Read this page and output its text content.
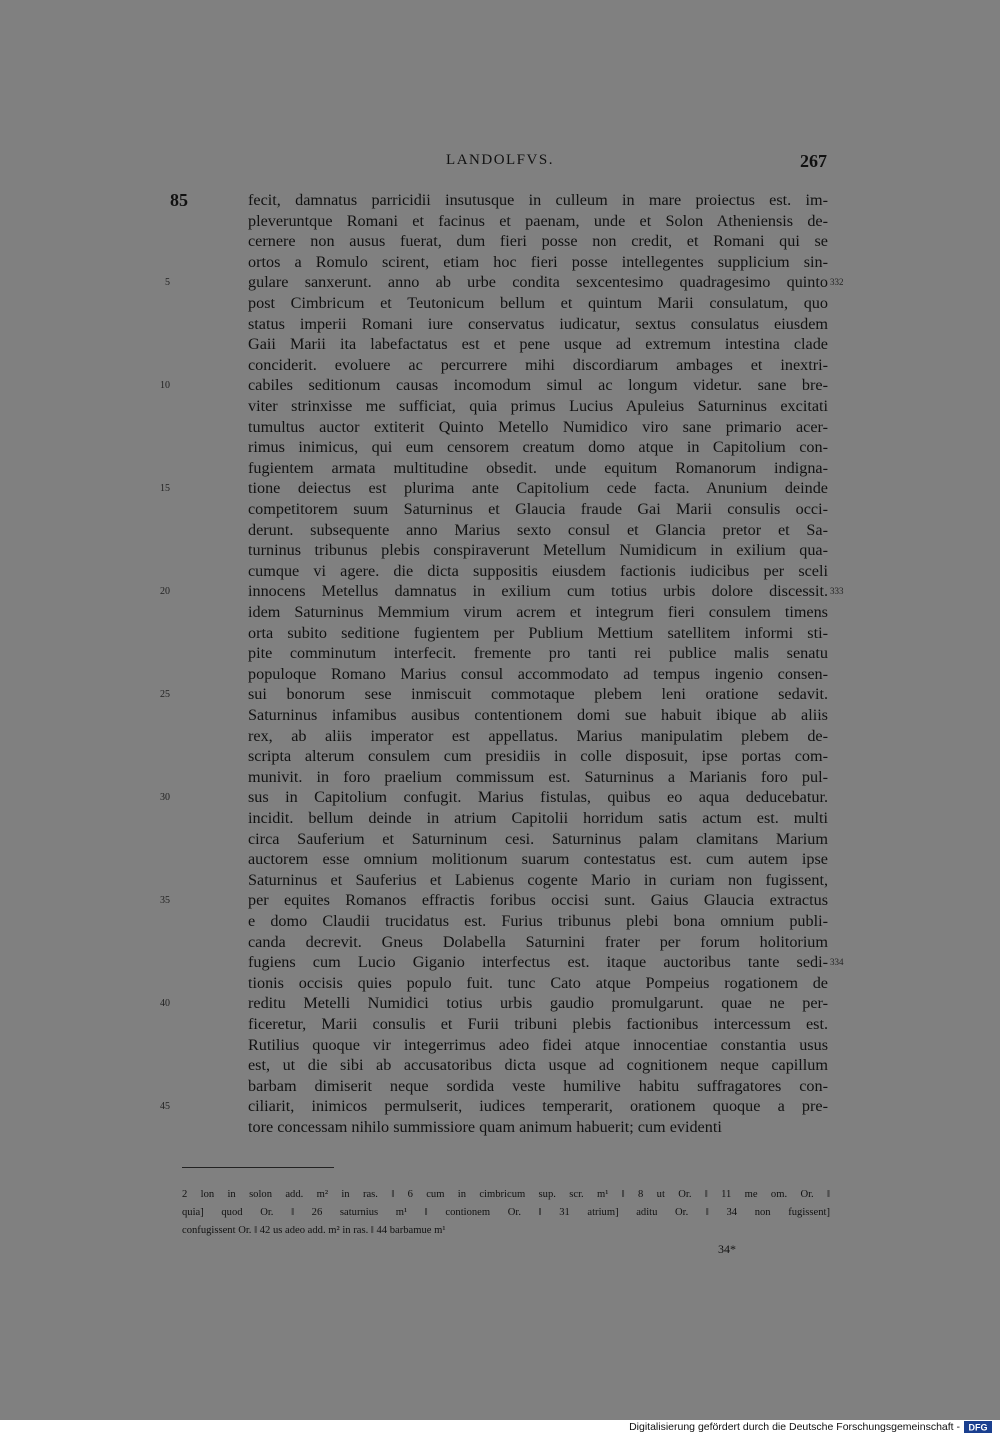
LANDOLFVS.	267
85	fecit, damnatus parricidii insutusque in culleum in mare proiectus est. im-
pleveruntque Romani et facinus et paenam, unde et Solon Atheniensis de-
cernere non ausus fuerat, dum fieri posse non credit, et Romani qui se
ortos a Romulo scirent, etiam hoc fieri posse intellegentes supplicium sin-
gulare sanxerunt. anno ab urbe condita sexcentesimo quadragesimo quinto
post Cimbricum et Teutonicum bellum et quintum Marii consulatum, quo
status imperii Romani iure conservatus iudicatur, sextus consulatus eiusdem
Gaii Marii ita labefactatus est et pene usque ad extremum intestina clade
conciderit. evoluere ac percurrere mihi discordiarum ambages et inextri-
cabiles seditionum causas incomodum simul ac longum videtur. sane bre-
viter strinxisse me sufficiat, quia primus Lucius Apuleius Saturninus excitati
tumultus auctor extiterit Quinto Metello Numidico viro sane primario acer-
rimus inimicus, qui eum censorem creatum domo atque in Capitolium con-
fugientem armata multitudine obsedit. unde equitum Romanorum indigna-
tione deiectus est plurima ante Capitolium cede facta. Anunium deinde
competitorem suum Saturninus et Glaucia fraude Gai Marii consulis occi-
derunt. subsequente anno Marius sexto consul et Glancia pretor et Sa-
turninus tribunus plebis conspiraverunt Metellum Numidicum in exilium qua-
cumque vi agere. die dicta suppositis eiusdem factionis iudicibus per sceli
innocens Metellus damnatus in exilium cum totius urbis dolore discessit.
idem Saturninus Memmium virum acrem et integrum fieri consulem timens
orta subito seditione fugientem per Publium Mettium satellitem informi sti-
pite comminutum interfecit. fremente pro tanti rei publice malis senatu
populoque Romano Marius consul accommodato ad tempus ingenio consen-
sui bonorum sese inmiscuit commotaque plebem leni oratione sedavit.
Saturninus infamibus ausibus contentionem domi sue habuit ibique ab aliis
rex, ab aliis imperator est appellatus. Marius manipulatim plebem de-
scripta alterum consulem cum presidiis in colle disposuit, ipse portas com-
munivit. in foro praelium commissum est. Saturninus a Marianis foro pul-
sus in Capitolium confugit. Marius fistulas, quibus eo aqua deducebatur.
incidit. bellum deinde in atrium Capitolii horridum satis actum est. multi
circa Sauferium et Saturninum cesi. Saturninus palam clamitans Marium
auctorem esse omnium molitionum suarum contestatus est. cum autem ipse
Saturninus et Sauferius et Labienus cogente Mario in curiam non fugissent,
per equites Romanos effractis foribus occisi sunt. Gaius Glaucia extractus
e domo Claudii trucidatus est. Furius tribunus plebi bona omnium publi-
canda decrevit. Gneus Dolabella Saturnini frater per forum holitorium
fugiens cum Lucio Giganio interfectus est. itaque auctoribus tante sedi-
tionis occisis quies populo fuit. tunc Cato atque Pompeius rogationem de
reditu Metelli Numidici totius urbis gaudio promulgarunt. quae ne per-
ficeretur, Marii consulis et Furii tribuni plebis factionibus intercessum est.
Rutilius quoque vir integerrimus adeo fidei atque innocentiae constantia usus
est, ut die sibi ab accusatoribus dicta usque ad cognitionem neque capillum
barbam dimiserit neque sordida veste humilive habitu suffragatores con-
ciliarit, inimicos permulserit, iudices temperarit, orationem quoque a pre-
tore concessam nihilo summissiore quam animum habuerit; cum evidenti
5
10
15
20
25
30
35
40
45
332
333
334
2 lon in solon add. m² in ras. ‖ 6 cum in cimbricum sup. scr. m¹ ‖ 8 ut Or. ‖ 11 me om. Or. ‖
quia] quod Or. ‖ 26 saturnius m¹ ‖ contionem Or. ‖ 31 atrium] aditu Or. ‖ 34 non fugissent]
confugissent Or. ‖ 42 us adeo add. m² in ras. ‖ 44 barbamue m¹
34*
Digitalisierung gefördert durch die Deutsche Forschungsgemeinschaft - DFG
